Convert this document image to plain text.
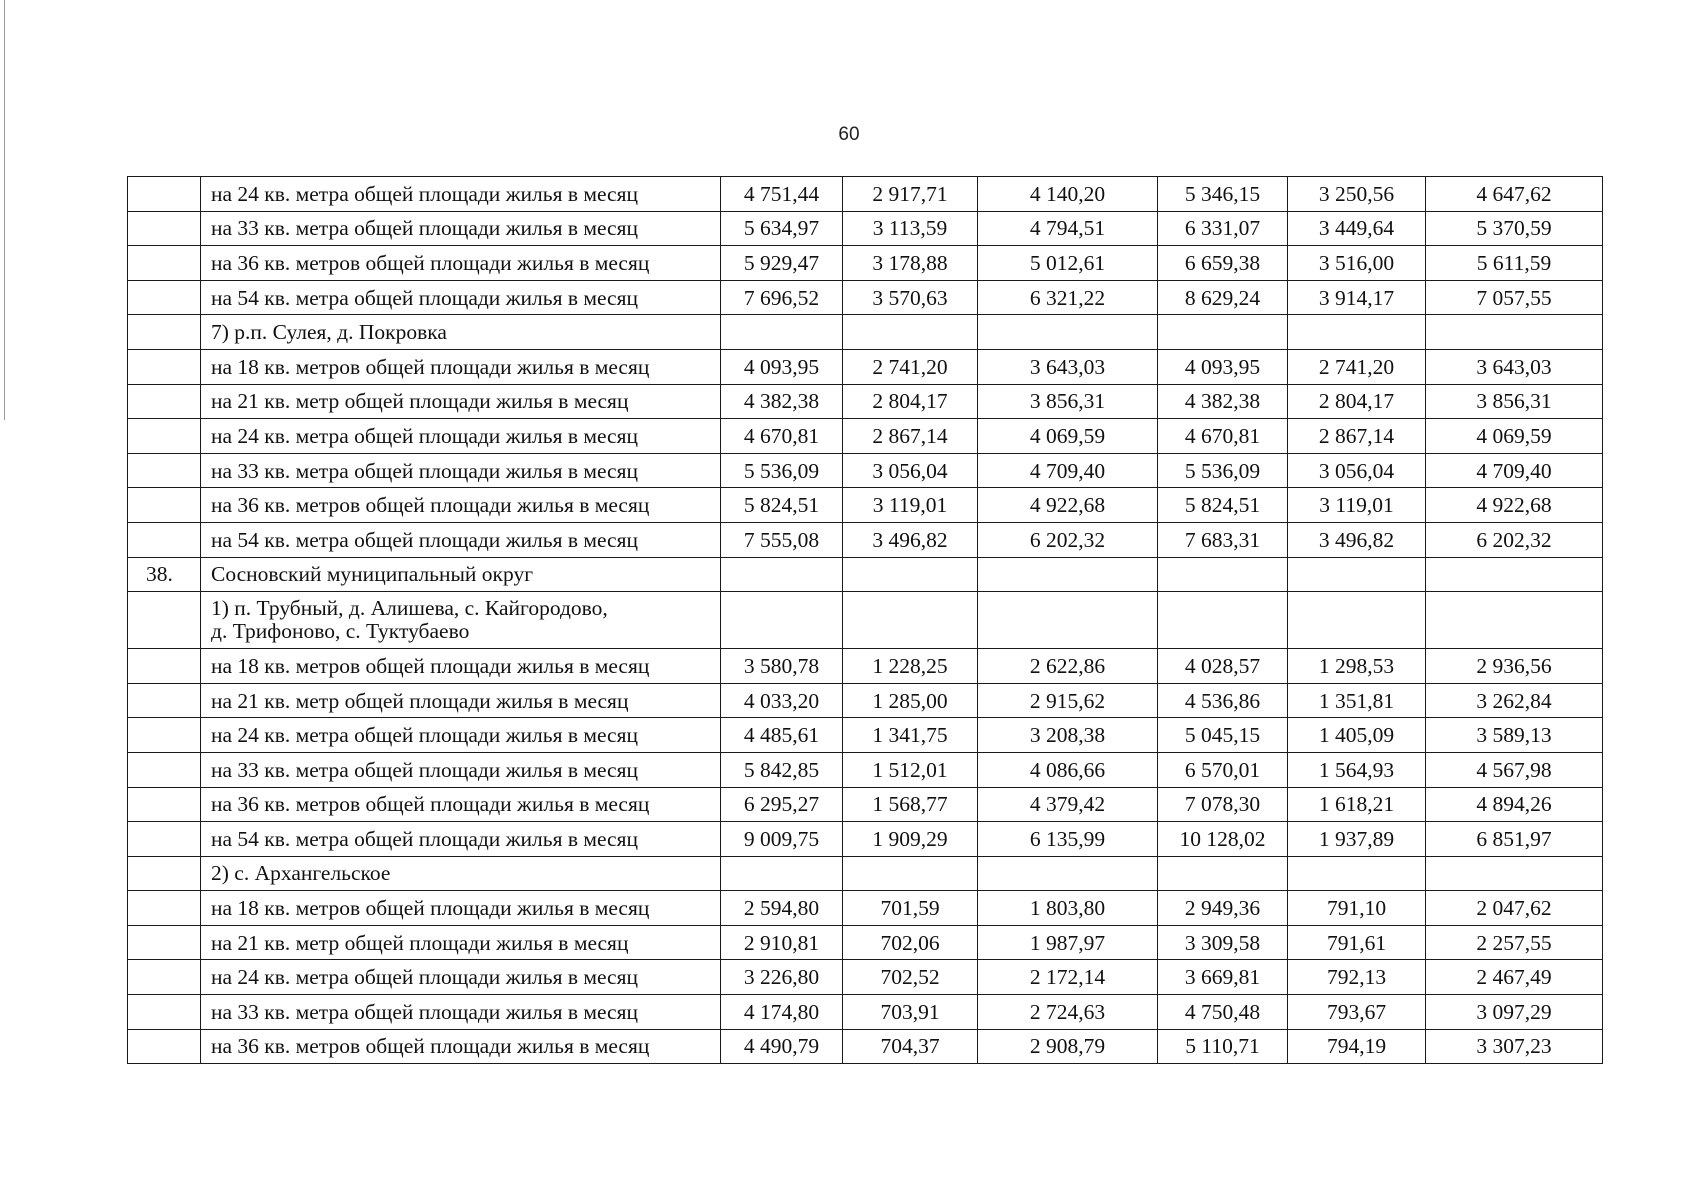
60
	на 24 кв. метра общей площади жилья в месяц	4 751,44	2 917,71	4 140,20	5 346,15	3 250,56	4 647,62
	на 33 кв. метра общей площади жилья в месяц	5 634,97	3 113,59	4 794,51	6 331,07	3 449,64	5 370,59
	на 36 кв. метров общей площади жилья в месяц	5 929,47	3 178,88	5 012,61	6 659,38	3 516,00	5 611,59
	на 54 кв. метра общей площади жилья в месяц	7 696,52	3 570,63	6 321,22	8 629,24	3 914,17	7 057,55
	7) р.п. Сулея, д. Покровка						
	на 18 кв. метров общей площади жилья в месяц	4 093,95	2 741,20	3 643,03	4 093,95	2 741,20	3 643,03
	на 21 кв. метр общей площади жилья в месяц	4 382,38	2 804,17	3 856,31	4 382,38	2 804,17	3 856,31
	на 24 кв. метра общей площади жилья в месяц	4 670,81	2 867,14	4 069,59	4 670,81	2 867,14	4 069,59
	на 33 кв. метра общей площади жилья в месяц	5 536,09	3 056,04	4 709,40	5 536,09	3 056,04	4 709,40
	на 36 кв. метров общей площади жилья в месяц	5 824,51	3 119,01	4 922,68	5 824,51	3 119,01	4 922,68
	на 54 кв. метра общей площади жилья в месяц	7 555,08	3 496,82	6 202,32	7 683,31	3 496,82	6 202,32
38.	Сосновский муниципальный округ						

	1) п. Трубный, д. Алишева, с. Кайгородово,
д. Трифоново, с. Туктубаево						

	на 18 кв. метров общей площади жилья в месяц	3 580,78	1 228,25	2 622,86	4 028,57	1 298,53	2 936,56
	на 21 кв. метр общей площади жилья в месяц	4 033,20	1 285,00	2 915,62	4 536,86	1 351,81	3 262,84
	на 24 кв. метра общей площади жилья в месяц	4 485,61	1 341,75	3 208,38	5 045,15	1 405,09	3 589,13
	на 33 кв. метра общей площади жилья в месяц	5 842,85	1 512,01	4 086,66	6 570,01	1 564,93	4 567,98
	на 36 кв. метров общей площади жилья в месяц	6 295,27	1 568,77	4 379,42	7 078,30	1 618,21	4 894,26
	на 54 кв. метра общей площади жилья в месяц	9 009,75	1 909,29	6 135,99	10 128,02	1 937,89	6 851,97
	2) с. Архангельское						
	на 18 кв. метров общей площади жилья в месяц	2 594,80	701,59	1 803,80	2 949,36	791,10	2 047,62
	на 21 кв. метр общей площади жилья в месяц	2 910,81	702,06	1 987,97	3 309,58	791,61	2 257,55
	на 24 кв. метра общей площади жилья в месяц	3 226,80	702,52	2 172,14	3 669,81	792,13	2 467,49
	на 33 кв. метра общей площади жилья в месяц	4 174,80	703,91	2 724,63	4 750,48	793,67	3 097,29
	на 36 кв. метров общей площади жилья в месяц	4 490,79	704,37	2 908,79	5 110,71	794,19	3 307,23
